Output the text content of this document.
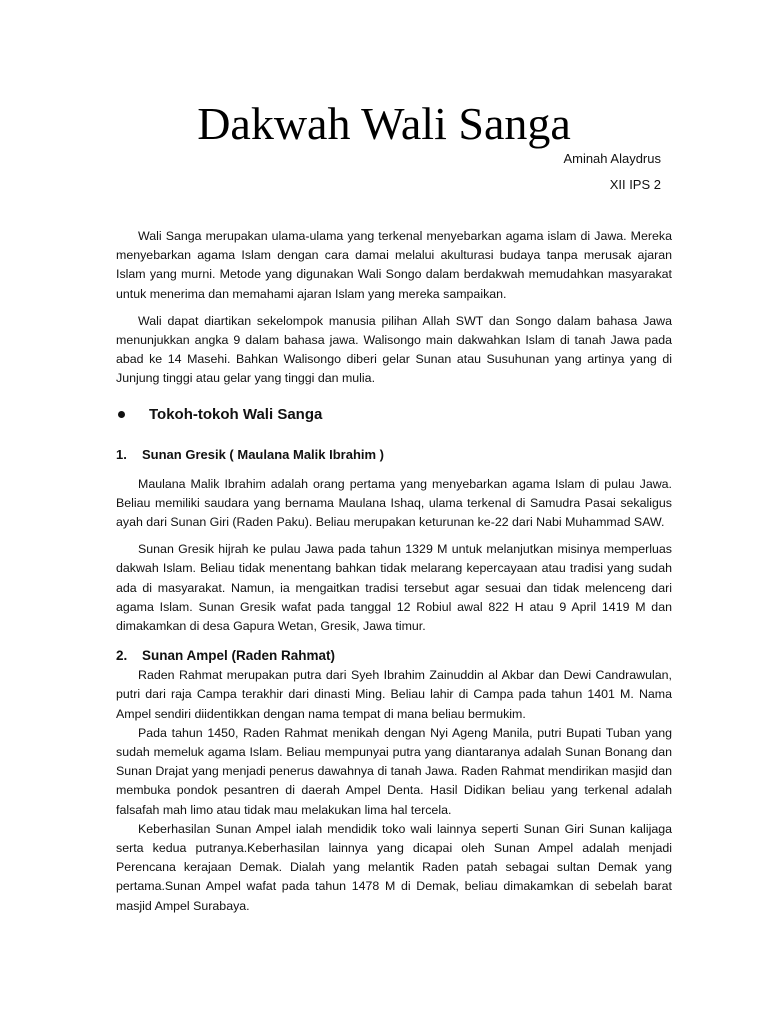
Dakwah Wali Sanga
Aminah Alaydrus
XII IPS 2

Wali Sanga merupakan ulama-ulama yang terkenal menyebarkan agama islam di Jawa. Mereka menyebarkan agama Islam dengan cara damai melalui akulturasi budaya tanpa merusak ajaran Islam yang murni. Metode yang digunakan Wali Songo dalam berdakwah memudahkan masyarakat untuk menerima dan memahami ajaran Islam yang mereka sampaikan.

Wali dapat diartikan sekelompok manusia pilihan Allah SWT dan Songo dalam bahasa Jawa menunjukkan angka 9 dalam bahasa jawa. Walisongo main dakwahkan Islam di tanah Jawa pada abad ke 14 Masehi. Bahkan Walisongo diberi gelar Sunan atau Susuhunan yang artinya yang di Junjung tinggi atau gelar yang tinggi dan mulia.

Tokoh-tokoh Wali Sanga
1.	Sunan Gresik ( Maulana Malik Ibrahim )

Maulana Malik Ibrahim adalah orang pertama yang menyebarkan agama Islam di pulau Jawa. Beliau memiliki saudara yang bernama Maulana Ishaq, ulama terkenal di Samudra Pasai sekaligus ayah dari Sunan Giri (Raden Paku). Beliau merupakan keturunan ke-22 dari Nabi Muhammad SAW.

Sunan Gresik hijrah ke pulau Jawa pada tahun 1329 M untuk melanjutkan misinya memperluas dakwah Islam. Beliau tidak menentang bahkan tidak melarang kepercayaan atau tradisi yang sudah ada di masyarakat. Namun, ia mengaitkan tradisi tersebut agar sesuai dan tidak melenceng dari agama Islam. Sunan Gresik wafat pada tanggal 12 Robiul awal 822 H atau 9 April 1419 M dan dimakamkan di desa Gapura Wetan, Gresik, Jawa timur.

2.	Sunan Ampel (Raden Rahmat)

Raden Rahmat merupakan putra dari Syeh Ibrahim Zainuddin al Akbar dan Dewi Candrawulan, putri dari raja Campa terakhir dari dinasti Ming. Beliau lahir di Campa pada tahun 1401 M. Nama Ampel sendiri diidentikkan dengan nama tempat di mana beliau bermukim.

Pada tahun 1450, Raden Rahmat menikah dengan Nyi Ageng Manila, putri Bupati Tuban yang sudah memeluk agama Islam. Beliau mempunyai putra yang diantaranya adalah Sunan Bonang dan Sunan Drajat yang menjadi penerus dawahnya di tanah Jawa. Raden Rahmat mendirikan masjid dan membuka pondok pesantren di daerah Ampel Denta. Hasil Didikan beliau yang terkenal adalah falsafah mah limo atau tidak mau melakukan lima hal tercela.

Keberhasilan Sunan Ampel ialah mendidik toko wali lainnya seperti Sunan Giri Sunan kalijaga serta kedua putranya.Keberhasilan lainnya yang dicapai oleh Sunan Ampel adalah menjadi Perencana kerajaan Demak. Dialah yang melantik Raden patah sebagai sultan Demak yang pertama.Sunan Ampel wafat pada tahun 1478 M di Demak, beliau dimakamkan di sebelah barat masjid Ampel Surabaya.
